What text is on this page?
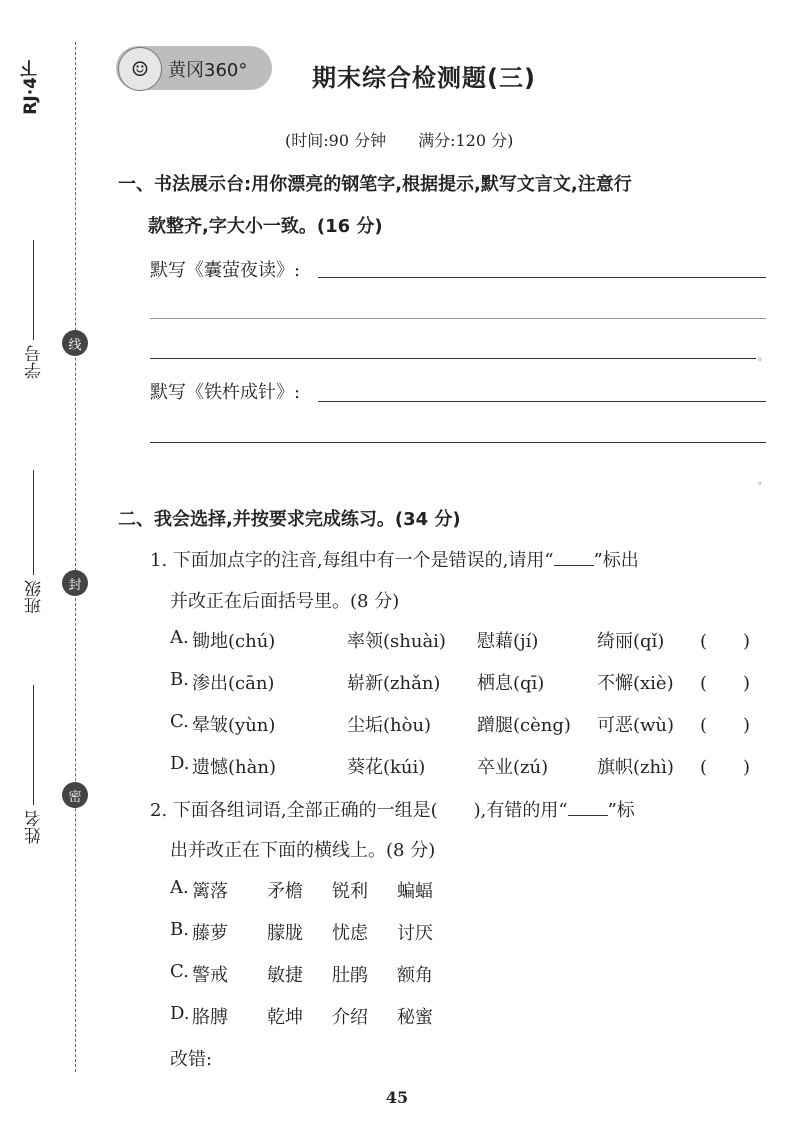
RJ·4下
学号
班级
姓名
线
封
密
☺	黄冈360°	期末综合检测题(三)
(时间:90 分钟　　满分:120 分)
一、书法展示台:用你漂亮的钢笔字,根据提示,默写文言文,注意行
款整齐,字大小一致。(16 分)
默写《囊萤夜读》:
。
默写《铁杵成针》:
。
二、我会选择,并按要求完成练习。(34 分)
1. 下面加点字的注音,每组中有一个是错误的,请用“ ”标出
并改正在后面括号里。(8 分)
A. 锄地(chú)	率领(shuài) 慰藉(jí)	绮丽(qǐ) (　　)
B. 渗出(cān)	崭新(zhǎn) 栖息(qī)	不懈(xiè) (　　)
C. 晕皱(yùn)	尘垢(hòu)	蹭腿(cèng) 可恶(wù) (　　)
D. 遗憾(hàn)	葵花(kúi)	卒业(zú)	旗帜(zhì) (　　)
2. 下面各组词语,全部正确的一组是(　　),有错的用“ ”标
出并改正在下面的横线上。(8 分)
A. 篱落 矛檐 锐利 蝙蝠
B. 藤萝 朦胧 忧虑 讨厌
C. 警戒 敏捷 肚鹃 额角
D. 胳膊 乾坤 介绍 秘蜜
改错:
45
